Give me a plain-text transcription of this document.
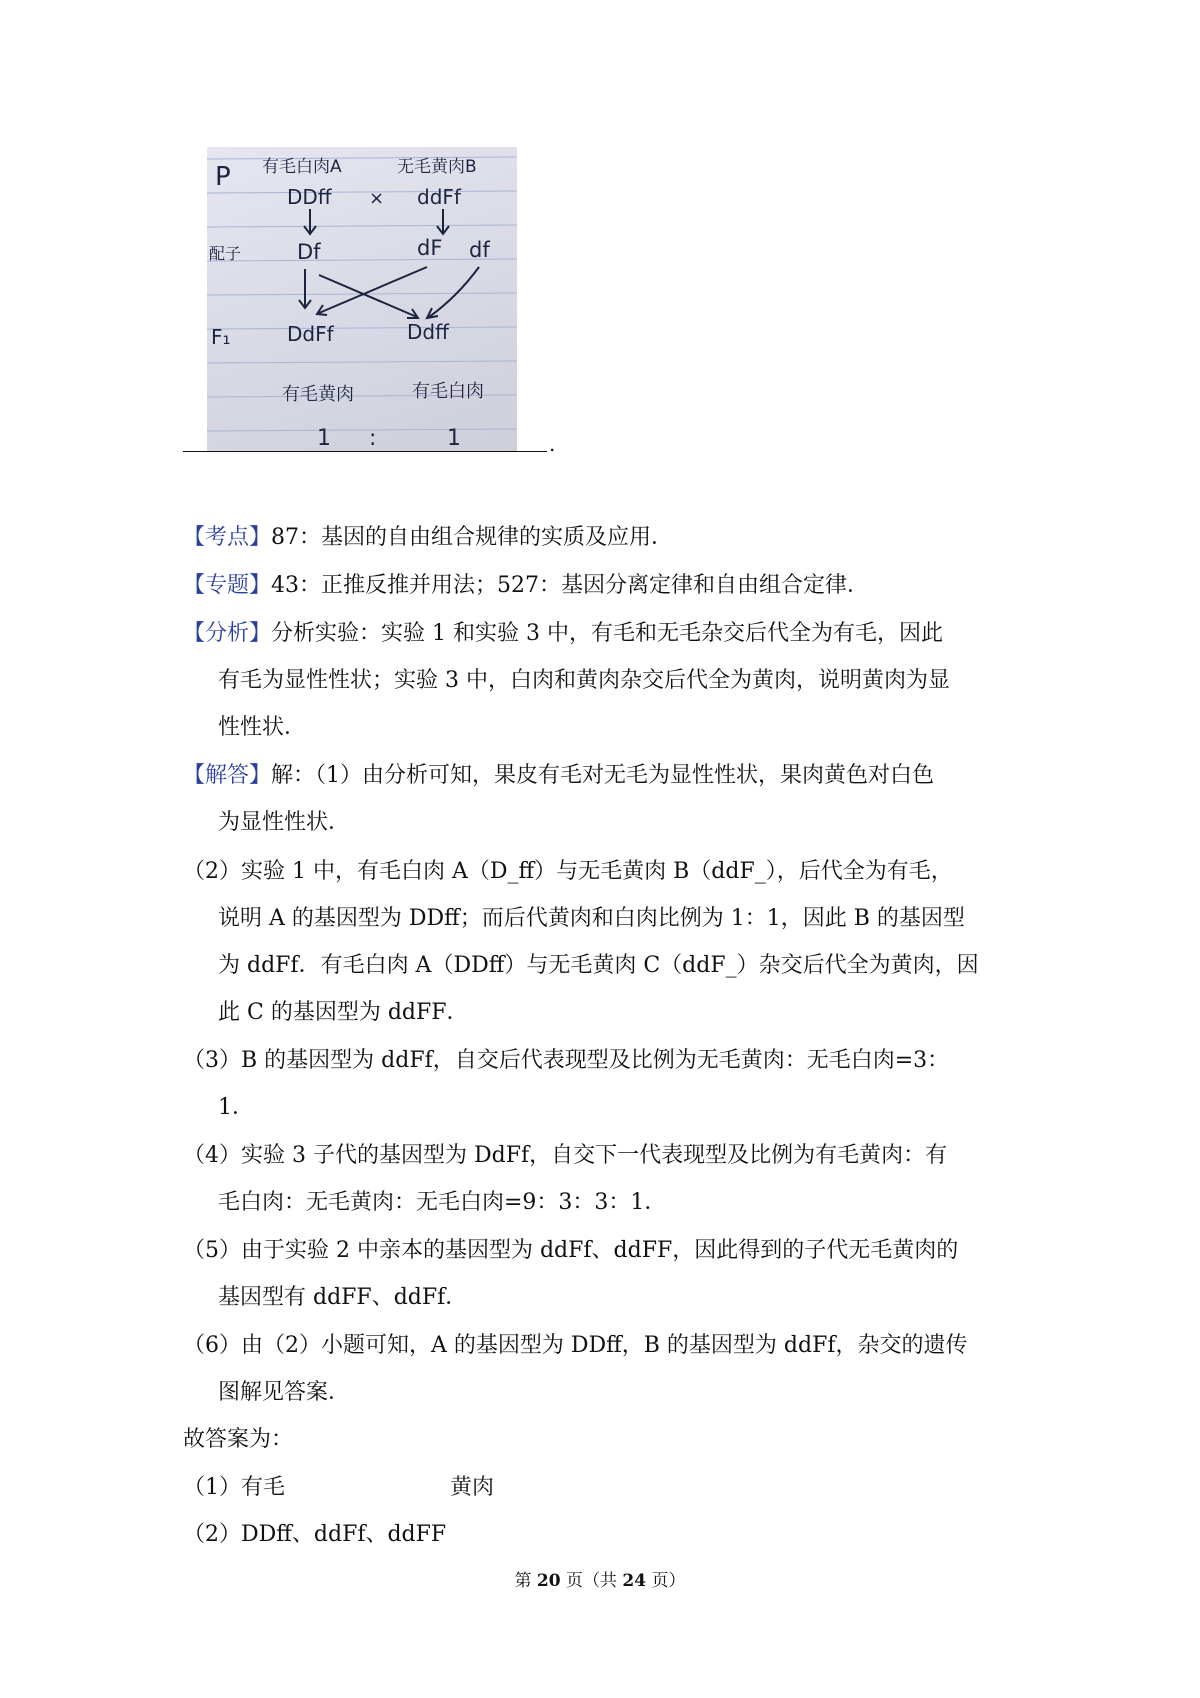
P 有毛白肉A	无毛黄肉B
DDff × ddFf
配子	Df	dF df
F₁	DdFf	Ddff
有毛黄肉	有毛白肉
1 :	1	.
【考点】87：基因的自由组合规律的实质及应用．
【专题】43：正推反推并用法；527：基因分离定律和自由组合定律．
【分析】分析实验：实验 1 和实验 3 中，有毛和无毛杂交后代全为有毛，因此
有毛为显性性状；实验 3 中，白肉和黄肉杂交后代全为黄肉，说明黄肉为显
性性状．
【解答】解：（1）由分析可知，果皮有毛对无毛为显性性状，果肉黄色对白色
为显性性状．
（2）实验 1 中，有毛白肉 A（D_ff）与无毛黄肉 B（ddF_），后代全为有毛，
说明 A 的基因型为 DDff；而后代黄肉和白肉比例为 1：1，因此 B 的基因型
为 ddFf．有毛白肉 A（DDff）与无毛黄肉 C（ddF_）杂交后代全为黄肉，因
此 C 的基因型为 ddFF．
（3）B 的基因型为 ddFf，自交后代表现型及比例为无毛黄肉：无毛白肉=3：
1．
（4）实验 3 子代的基因型为 DdFf，自交下一代表现型及比例为有毛黄肉：有
毛白肉：无毛黄肉：无毛白肉=9：3：3：1．
（5）由于实验 2 中亲本的基因型为 ddFf、ddFF，因此得到的子代无毛黄肉的
基因型有 ddFF、ddFf．
（6）由（2）小题可知，A 的基因型为 DDff，B 的基因型为 ddFf，杂交的遗传
图解见答案．
故答案为：
（1）有毛	黄肉
（2）DDff、ddFf、ddFF
第 20 页（共 24 页）
